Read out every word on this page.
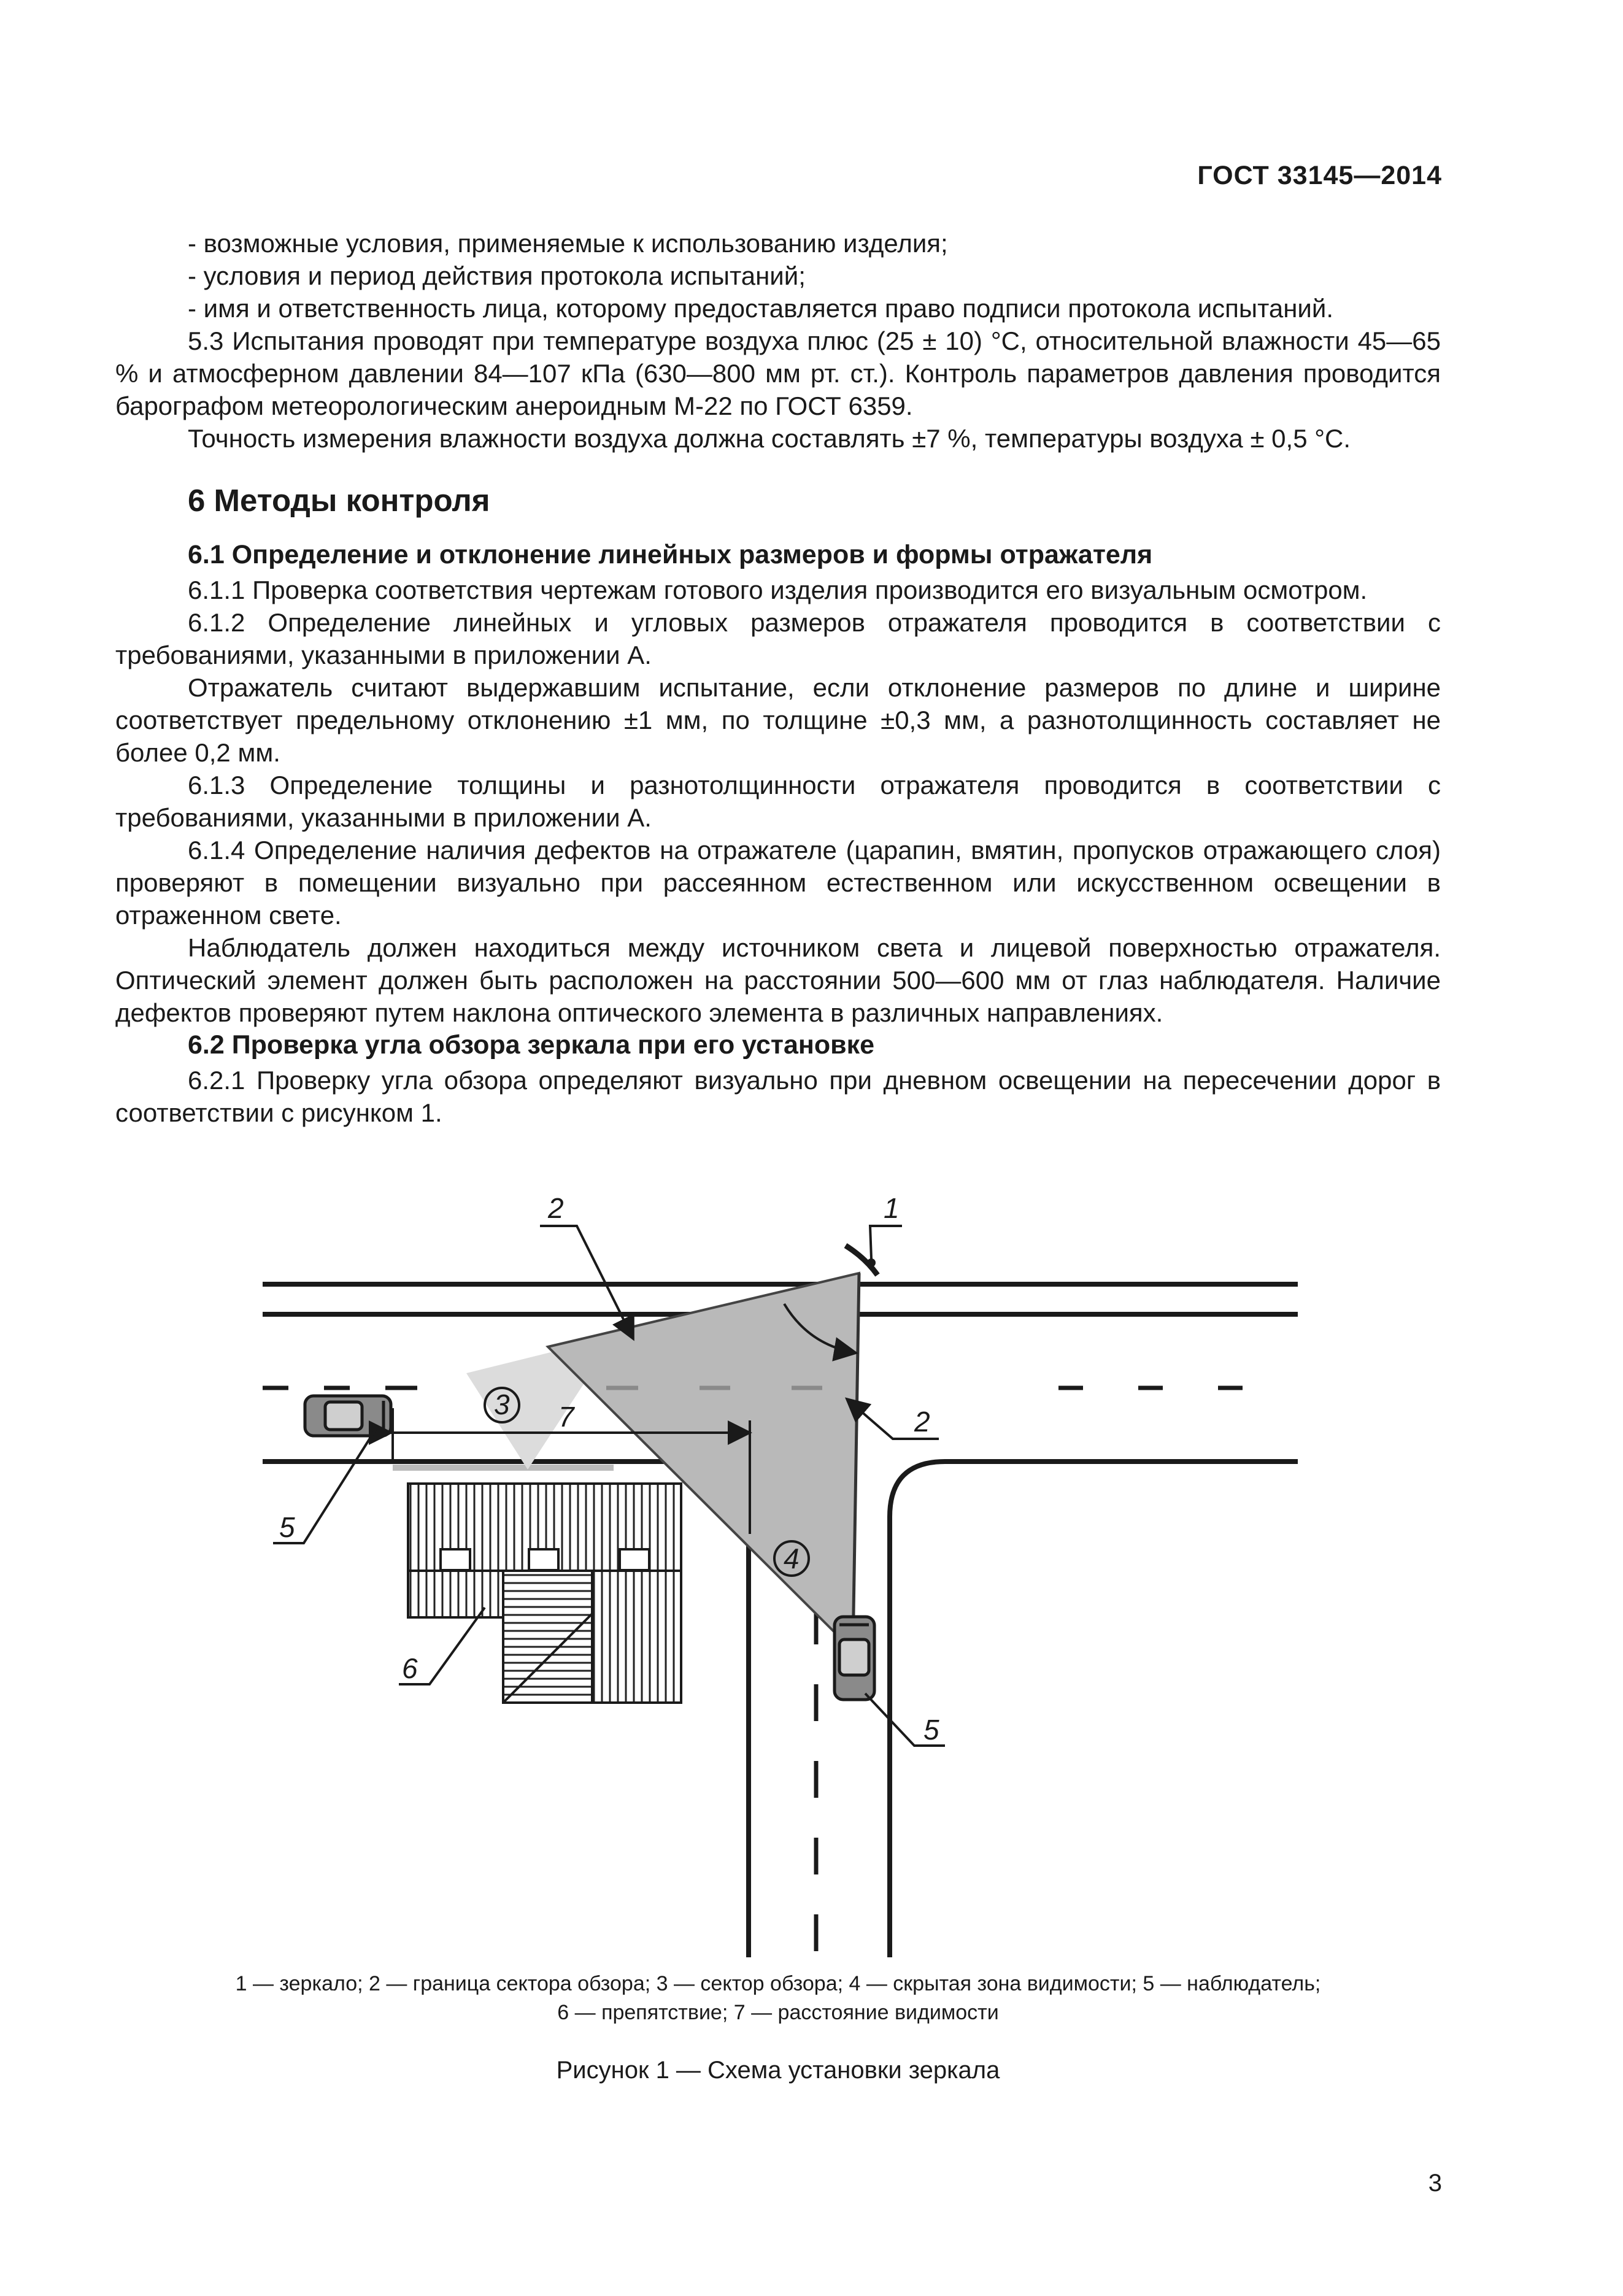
ГОСТ 33145—2014

- возможные условия, применяемые к использованию изделия;

- условия и период действия протокола испытаний;

- имя и ответственность лица, которому предоставляется право подписи протокола испытаний.

5.3 Испытания проводят при температуре воздуха плюс (25 ± 10) °С, относительной влажности 45—65 % и атмосферном давлении 84—107 кПа (630—800 мм рт. ст.). Контроль параметров давления проводится барографом метеорологическим анероидным М-22 по ГОСТ 6359.

Точность измерения влажности воздуха должна составлять ±7 %, температуры воздуха ± 0,5 °С.

6 Методы контроля

6.1 Определение и отклонение линейных размеров и формы отражателя

6.1.1 Проверка соответствия чертежам готового изделия производится его визуальным осмотром.

6.1.2 Определение линейных и угловых размеров отражателя проводится в соответствии с требованиями, указанными в приложении А.

Отражатель считают выдержавшим испытание, если отклонение размеров по длине и ширине соответствует предельному отклонению ±1 мм, по толщине ±0,3 мм, а разнотолщинность составляет не более 0,2 мм.

6.1.3 Определение толщины и разнотолщинности отражателя проводится в соответствии с требованиями, указанными в приложении А.

6.1.4 Определение наличия дефектов на отражателе (царапин, вмятин, пропусков отражающего слоя) проверяют в помещении визуально при рассеянном естественном или искусственном освещении в отраженном свете.

Наблюдатель должен находиться между источником света и лицевой поверхностью отражателя. Оптический элемент должен быть расположен на расстоянии 500—600 мм от глаз наблюдателя. Наличие дефектов проверяют путем наклона оптического элемента в различных направлениях.

6.2 Проверка угла обзора зеркала при его установке

6.2.1 Проверку угла обзора определяют визуально при дневном освещении на пересечении дорог в соответствии с рисунком 1.

2	1
2
3
4
7
5
5
6
1 — зеркало; 2 — граница сектора обзора; 3 — сектор обзора; 4 — скрытая зона видимости; 5 — наблюдатель;
6 — препятствие; 7 — расстояние видимости
Рисунок 1 — Схема установки зеркала
3
